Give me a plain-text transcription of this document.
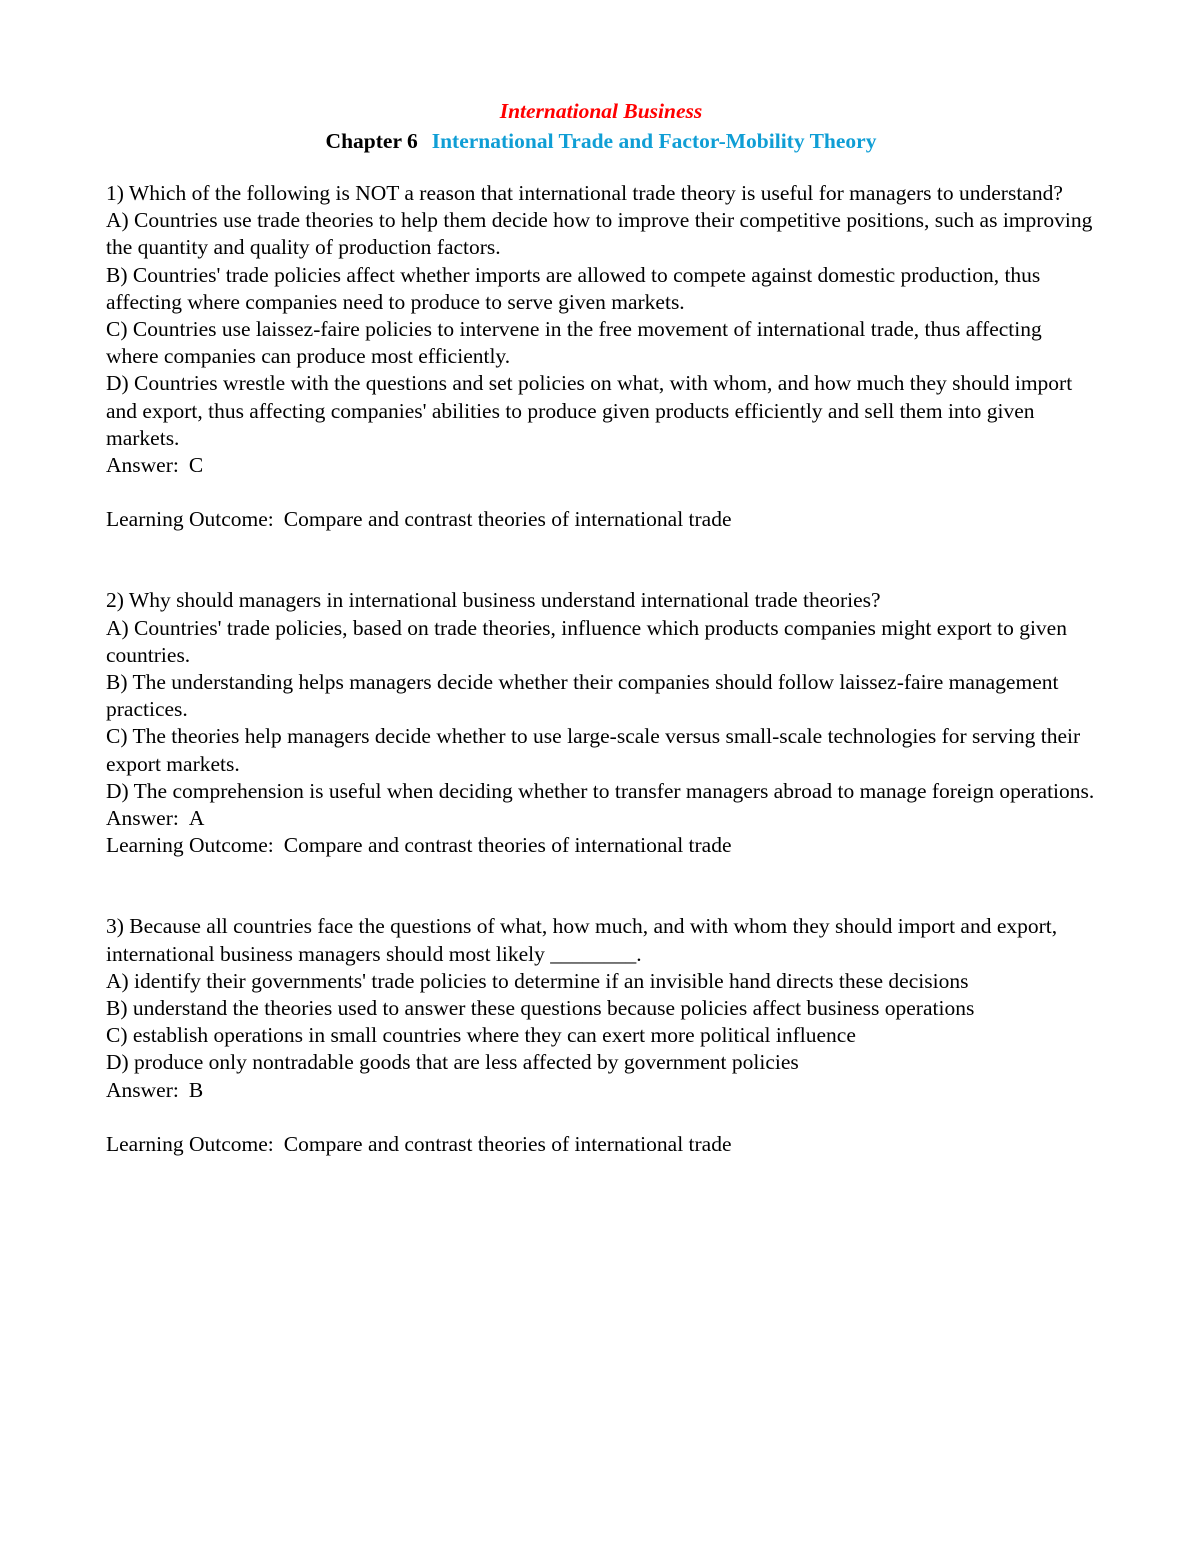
International Business
Chapter 6 International Trade and Factor-Mobility Theory
1) Which of the following is NOT a reason that international trade theory is useful for managers to understand?
A) Countries use trade theories to help them decide how to improve their competitive positions, such as improving the quantity and quality of production factors.
B) Countries' trade policies affect whether imports are allowed to compete against domestic production, thus affecting where companies need to produce to serve given markets.
C) Countries use laissez-faire policies to intervene in the free movement of international trade, thus affecting where companies can produce most efficiently.
D) Countries wrestle with the questions and set policies on what, with whom, and how much they should import and export, thus affecting companies' abilities to produce given products efficiently and sell them into given markets.
Answer: C
Learning Outcome: Compare and contrast theories of international trade
2) Why should managers in international business understand international trade theories?
A) Countries' trade policies, based on trade theories, influence which products companies might export to given countries.
B) The understanding helps managers decide whether their companies should follow laissez-faire management practices.
C) The theories help managers decide whether to use large-scale versus small-scale technologies for serving their export markets.
D) The comprehension is useful when deciding whether to transfer managers abroad to manage foreign operations.
Answer: A
Learning Outcome: Compare and contrast theories of international trade
3) Because all countries face the questions of what, how much, and with whom they should import and export, international business managers should most likely ________.
A) identify their governments' trade policies to determine if an invisible hand directs these decisions
B) understand the theories used to answer these questions because policies affect business operations
C) establish operations in small countries where they can exert more political influence
D) produce only nontradable goods that are less affected by government policies
Answer: B
Learning Outcome: Compare and contrast theories of international trade
